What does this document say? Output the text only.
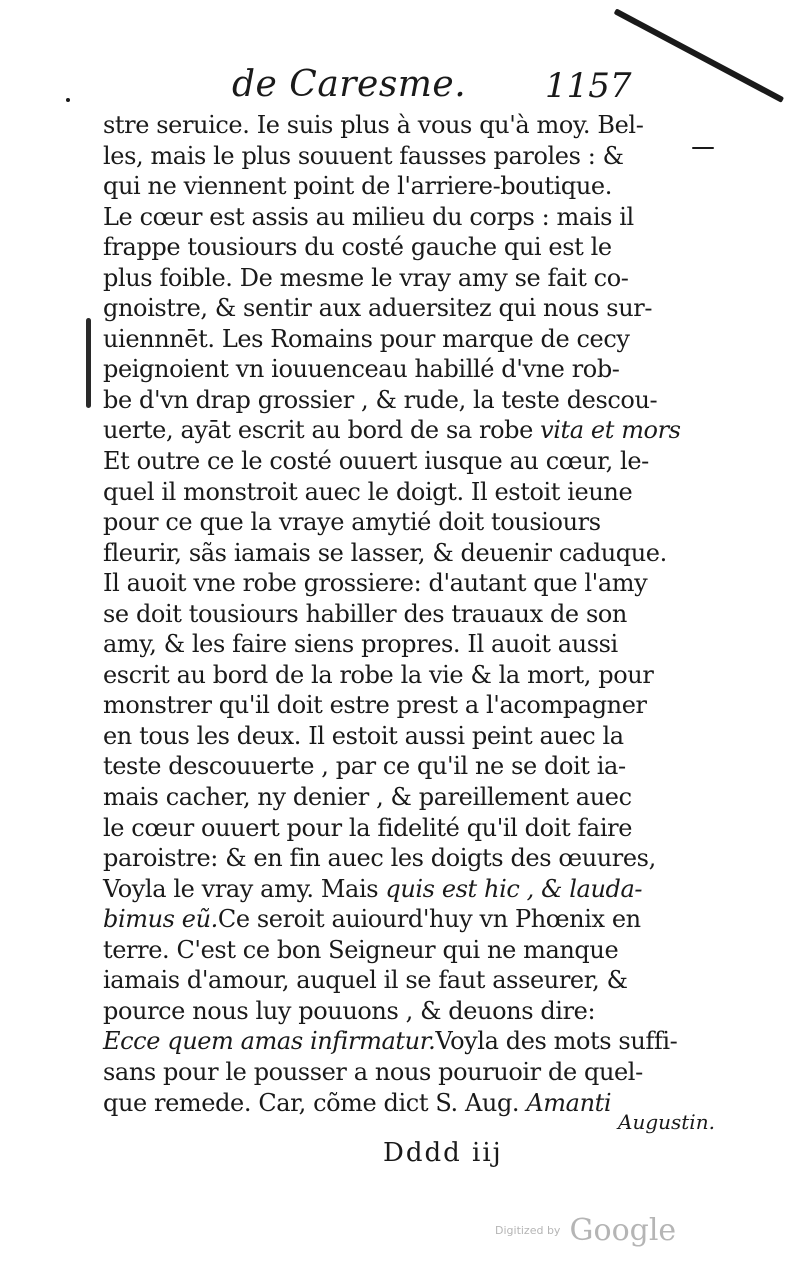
de Caresme. 1157
stre seruice. Ie suis plus à vous qu'à moy. Bel-
les, mais le plus souuent fausses paroles : &
qui ne viennent point de l'arriere-boutique.
Le cœur est assis au milieu du corps : mais il
frappe tousiours du costé gauche qui est le
plus foible. De mesme le vray amy se fait co-
gnoistre, & sentir aux aduersitez qui nous sur-
uiennnēt. Les Romains pour marque de cecy
peignoient vn iouuenceau habillé d'vne rob-
be d'vn drap grossier , & rude, la teste descou-
uerte, ayāt escrit au bord de sa robe vita et mors
Et outre ce le costé ouuert iusque au cœur, le-
quel il monstroit auec le doigt. Il estoit ieune
pour ce que la vraye amytié doit tousiours
fleurir, sãs iamais se lasser, & deuenir caduque.
Il auoit vne robe grossiere: d'autant que l'amy
se doit tousiours habiller des trauaux de son
amy, & les faire siens propres. Il auoit aussi
escrit au bord de la robe la vie & la mort, pour
monstrer qu'il doit estre prest a l'acompagner
en tous les deux. Il estoit aussi peint auec la
teste descouuerte , par ce qu'il ne se doit ia-
mais cacher, ny denier , & pareillement auec
le cœur ouuert pour la fidelité qu'il doit faire
paroistre: & en fin auec les doigts des œuures,
Voyla le vray amy. Mais quis est hic , & lauda-
bimus eũ.Ce seroit auiourd'huy vn Phœnix en
terre. C'est ce bon Seigneur qui ne manque
iamais d'amour, auquel il se faut asseurer, &
pource nous luy pouuons , & deuons dire:
Ecce quem amas infirmatur.Voyla des mots suffi-
sans pour le pousser a nous pouruoir de quel-
que remede. Car, cõme dict S. Aug. Amanti
Augustin.
Dddd iij
Digitized by Google
